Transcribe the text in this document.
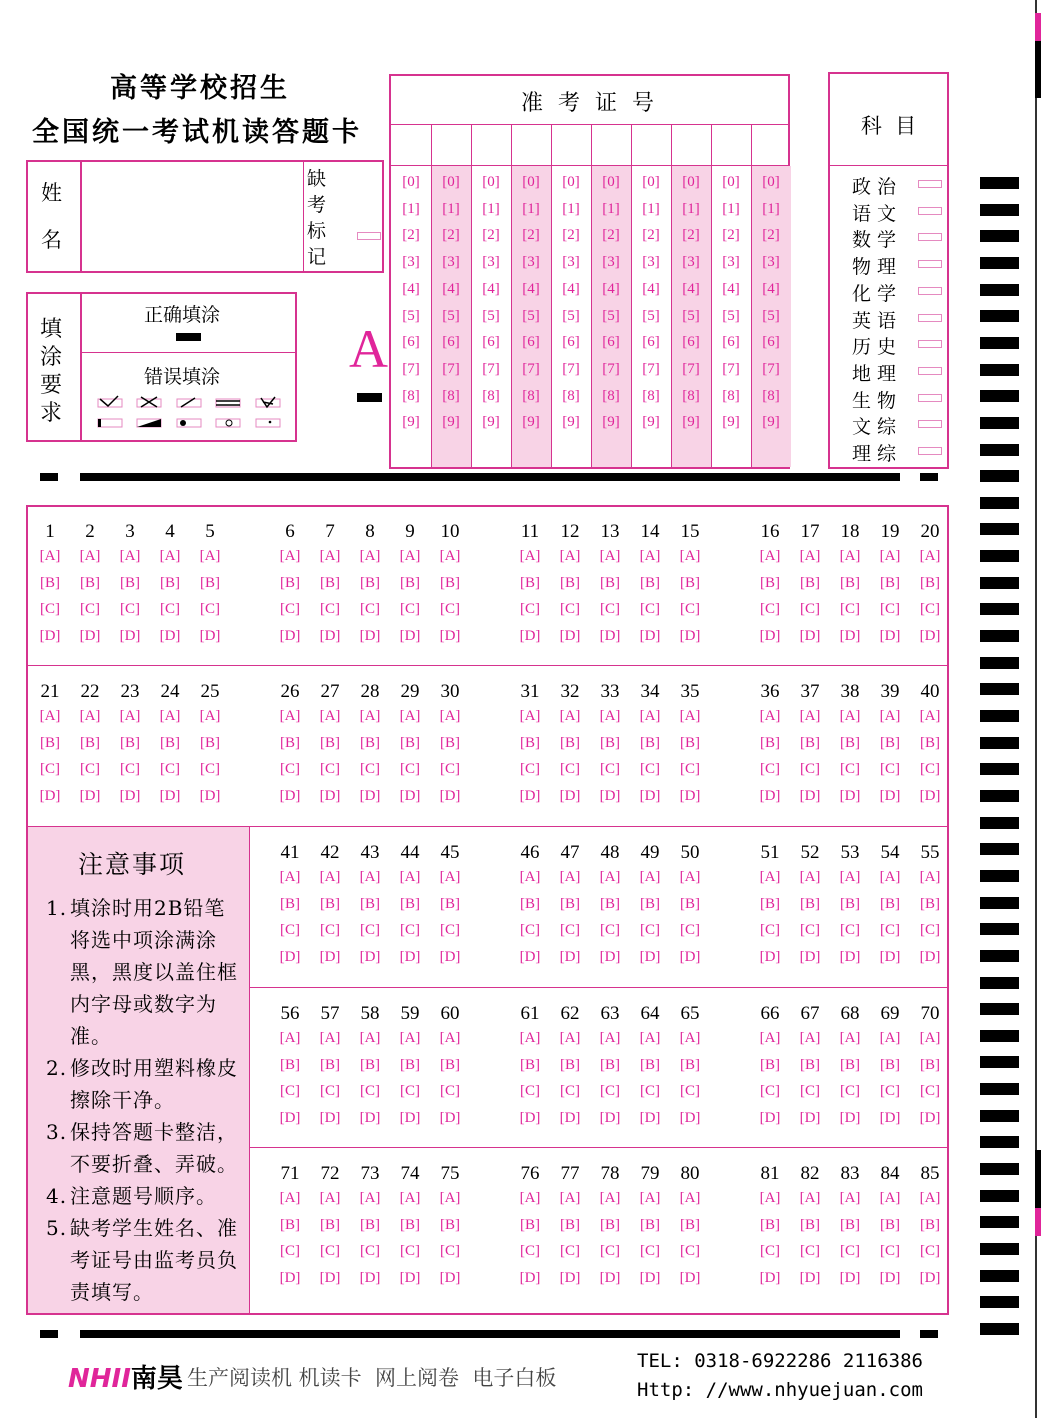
高等学校招生
全国统一考试机读答题卡
姓
名
缺
考
标
记
填
涂
要
求
正确填涂
错误填涂 A
准 考 证 号
[0]
[1]
[2]
[3]
[4]
[5]
[6]
[7]
[8]
[9]
[0]
[1]
[2]
[3]
[4]
[5]
[6]
[7]
[8]
[9]
[0]
[1]
[2]
[3]
[4]
[5]
[6]
[7]
[8]
[9]
[0]
[1]
[2]
[3]
[4]
[5]
[6]
[7]
[8]
[9]
[0]
[1]
[2]
[3]
[4]
[5]
[6]
[7]
[8]
[9]
[0]
[1]
[2]
[3]
[4]
[5]
[6]
[7]
[8]
[9]
[0]
[1]
[2]
[3]
[4]
[5]
[6]
[7]
[8]
[9]
[0]
[1]
[2]
[3]
[4]
[5]
[6]
[7]
[8]
[9]
[0]
[1]
[2]
[3]
[4]
[5]
[6]
[7]
[8]
[9]
[0]
[1]
[2]
[3]
[4]
[5]
[6]
[7]
[8]
[9]
科  目
政 治
语 文
数 学
物 理
化 学
英 语
历 史
地 理
生 物
文 综
理 综
1
[A]
[B]
[C]
[D]
2
[A]
[B]
[C]
[D]
3
[A]
[B]
[C]
[D]
4
[A]
[B]
[C]
[D]
5
[A]
[B]
[C]
[D]
6
[A]
[B]
[C]
[D]
7
[A]
[B]
[C]
[D]
8
[A]
[B]
[C]
[D]
9
[A]
[B]
[C]
[D]
10
[A]
[B]
[C]
[D]
11
[A]
[B]
[C]
[D]
12
[A]
[B]
[C]
[D]
13
[A]
[B]
[C]
[D]
14
[A]
[B]
[C]
[D]
15
[A]
[B]
[C]
[D]
16
[A]
[B]
[C]
[D]
17
[A]
[B]
[C]
[D]
18
[A]
[B]
[C]
[D]
19
[A]
[B]
[C]
[D]
20
[A]
[B]
[C]
[D]
21
[A]
[B]
[C]
[D]
22
[A]
[B]
[C]
[D]
23
[A]
[B]
[C]
[D]
24
[A]
[B]
[C]
[D]
25
[A]
[B]
[C]
[D]
26
[A]
[B]
[C]
[D]
27
[A]
[B]
[C]
[D]
28
[A]
[B]
[C]
[D]
29
[A]
[B]
[C]
[D]
30
[A]
[B]
[C]
[D]
31
[A]
[B]
[C]
[D]
32
[A]
[B]
[C]
[D]
33
[A]
[B]
[C]
[D]
34
[A]
[B]
[C]
[D]
35
[A]
[B]
[C]
[D]
36
[A]
[B]
[C]
[D]
37
[A]
[B]
[C]
[D]
38
[A]
[B]
[C]
[D]
39
[A]
[B]
[C]
[D]
40
[A]
[B]
[C]
[D]
41
[A]
[B]
[C]
[D]
42
[A]
[B]
[C]
[D]
43
[A]
[B]
[C]
[D]
44
[A]
[B]
[C]
[D]
45
[A]
[B]
[C]
[D]
46
[A]
[B]
[C]
[D]
47
[A]
[B]
[C]
[D]
48
[A]
[B]
[C]
[D]
49
[A]
[B]
[C]
[D]
50
[A]
[B]
[C]
[D]
51
[A]
[B]
[C]
[D]
52
[A]
[B]
[C]
[D]
53
[A]
[B]
[C]
[D]
54
[A]
[B]
[C]
[D]
55
[A]
[B]
[C]
[D]
56
[A]
[B]
[C]
[D]
57
[A]
[B]
[C]
[D]
58
[A]
[B]
[C]
[D]
59
[A]
[B]
[C]
[D]
60
[A]
[B]
[C]
[D]
61
[A]
[B]
[C]
[D]
62
[A]
[B]
[C]
[D]
63
[A]
[B]
[C]
[D]
64
[A]
[B]
[C]
[D]
65
[A]
[B]
[C]
[D]
66
[A]
[B]
[C]
[D]
67
[A]
[B]
[C]
[D]
68
[A]
[B]
[C]
[D]
69
[A]
[B]
[C]
[D]
70
[A]
[B]
[C]
[D]
71
[A]
[B]
[C]
[D]
72
[A]
[B]
[C]
[D]
73
[A]
[B]
[C]
[D]
74
[A]
[B]
[C]
[D]
75
[A]
[B]
[C]
[D]
76
[A]
[B]
[C]
[D]
77
[A]
[B]
[C]
[D]
78
[A]
[B]
[C]
[D]
79
[A]
[B]
[C]
[D]
80
[A]
[B]
[C]
[D]
81
[A]
[B]
[C]
[D]
82
[A]
[B]
[C]
[D]
83
[A]
[B]
[C]
[D]
84
[A]
[B]
[C]
[D]
85
[A]
[B]
[C]
[D]
注意事项

1. 填涂时用2B铅笔将选中项涂满涂黑，黑度以盖住框内字母或数字为准。

2. 修改时用塑料橡皮擦除干净。

3. 保持答题卡整洁，不要折叠、弄破。

4. 注意题号顺序。

5. 缺考学生姓名、准考证号由监考员负责填写。

NHII南昊 生产阅读机 机读卡  网上阅卷  电子白板
TEL: 0318-6922286 2116386
Http: //www.nhyuejuan.com
